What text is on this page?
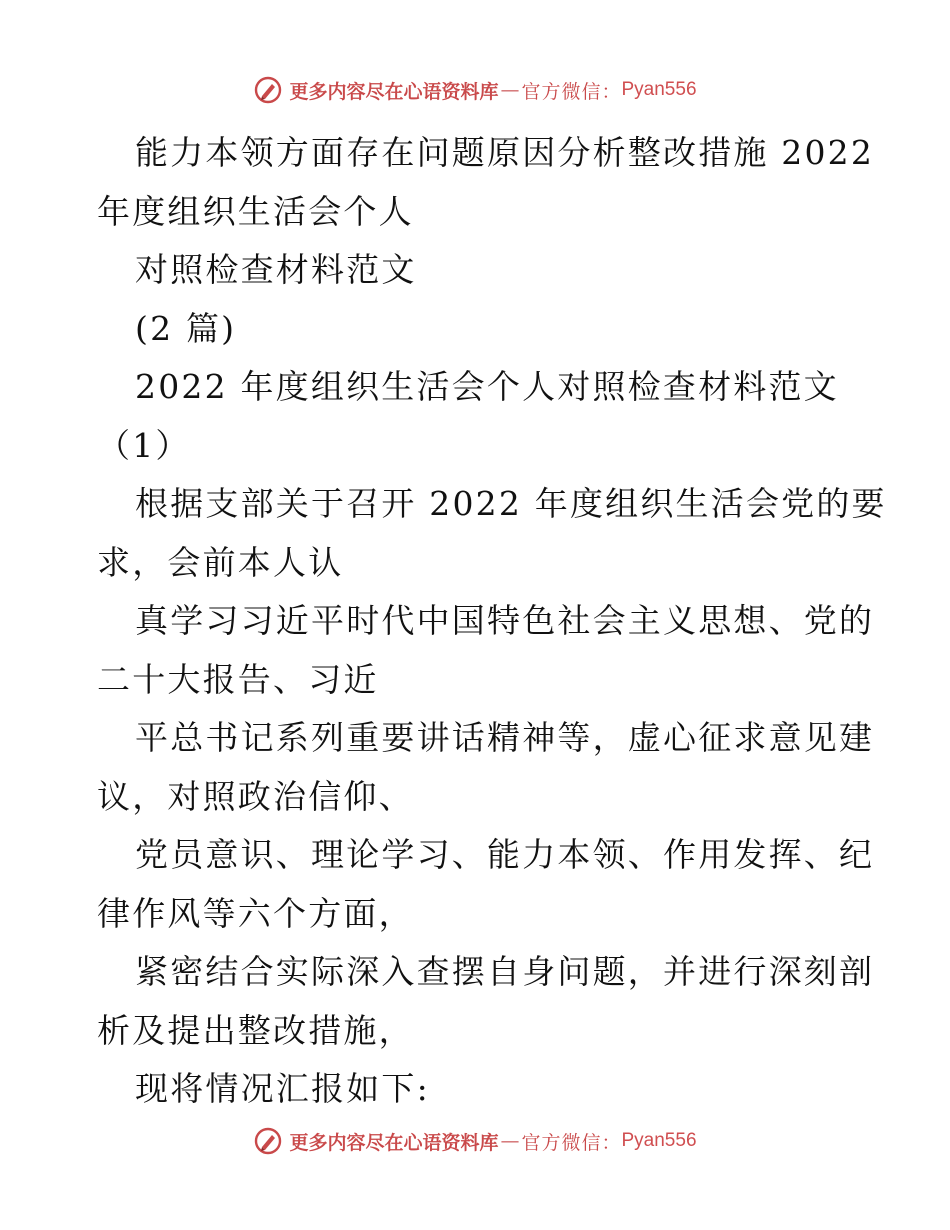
更多内容尽在心语资料库 — 官方微信： Pyan556

能力本领方面存在问题原因分析整改措施 2022

年度组织生活会个人

对照检查材料范文

(2 篇)

2022 年度组织生活会个人对照检查材料范文

（1）

根据支部关于召开 2022 年度组织生活会党的要

求，会前本人认

真学习习近平时代中国特色社会主义思想、党的

二十大报告、习近

平总书记系列重要讲话精神等，虚心征求意见建

议，对照政治信仰、

党员意识、理论学习、能力本领、作用发挥、纪

律作风等六个方面，

紧密结合实际深入查摆自身问题，并进行深刻剖

析及提出整改措施，

现将情况汇报如下:

更多内容尽在心语资料库 — 官方微信： Pyan556
